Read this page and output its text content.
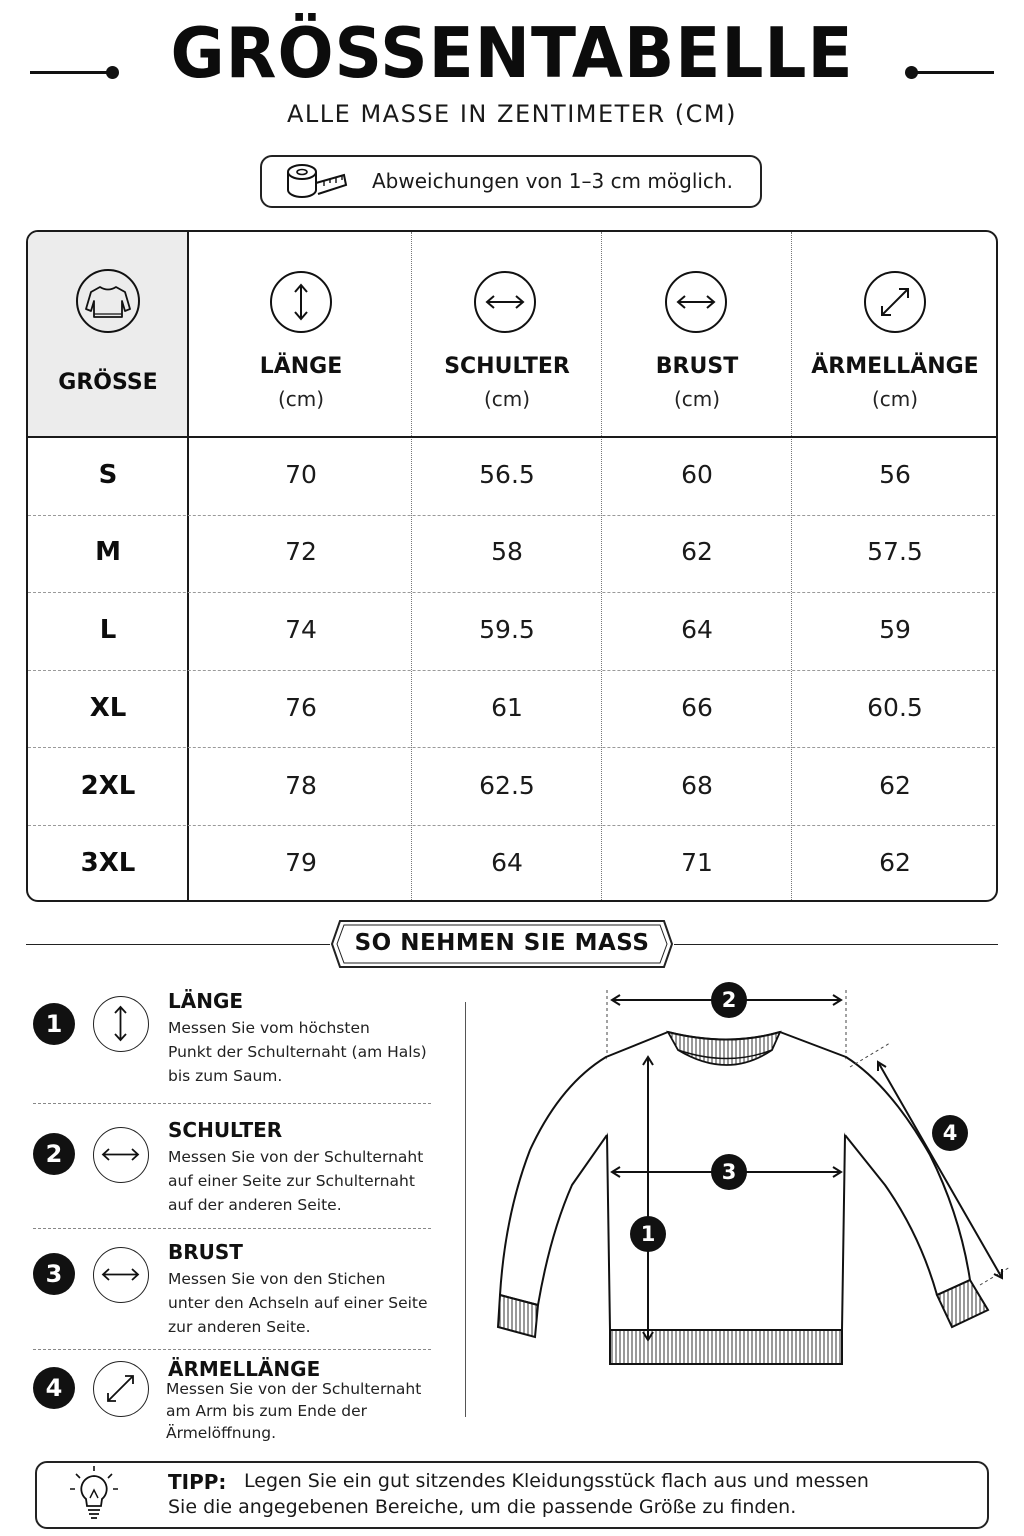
GRÖSSENTABELLE
ALLE MASSE IN ZENTIMETER (CM)
Abweichungen von 1–3 cm möglich.
GRÖSSE
LÄNGE
(cm)
SCHULTER
(cm)
BRUST
(cm)
ÄRMELLÄNGE
(cm)
S	70	56.5	60	56
M	72	58	62	57.5
L	74	59.5	64	59
XL	76	61	66	60.5
2XL	78	62.5	68	62
3XL	79	64	71	62
SO NEHMEN SIE MASS
1
LÄNGE
Messen Sie vom höchsten
Punkt der Schulternaht (am Hals)
bis zum Saum.
2
SCHULTER
Messen Sie von der Schulternaht
auf einer Seite zur Schulternaht
auf der anderen Seite.
3
BRUST
Messen Sie von den Stichen
unter den Achseln auf einer Seite
zur anderen Seite.
4
ÄRMELLÄNGE
Messen Sie von der Schulternaht
am Arm bis zum Ende der
Ärmelöffnung.
2
3
1
4
TIPP: Legen Sie ein gut sitzendes Kleidungsstück flach aus und messen
Sie die angegebenen Bereiche, um die passende Größe zu finden.
